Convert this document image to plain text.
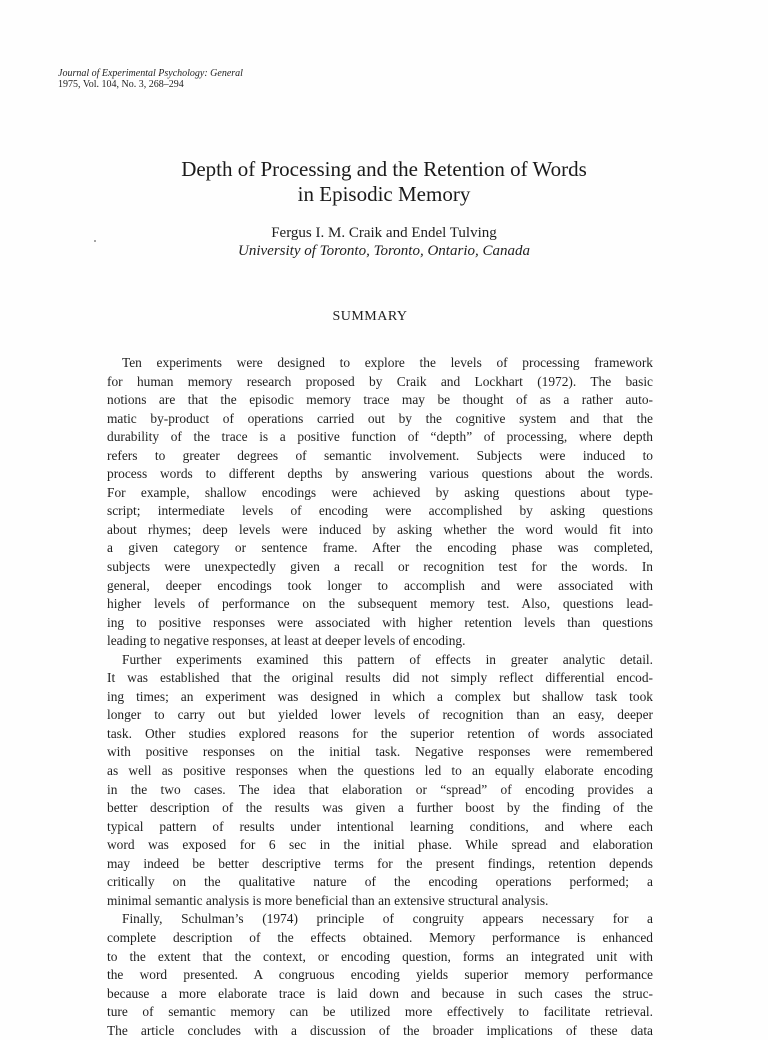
Journal of Experimental Psychology: General
1975, Vol. 104, No. 3, 268–294
Depth of Processing and the Retention of Words
in Episodic Memory
Fergus I. M. Craik and Endel Tulving
University of Toronto, Toronto, Ontario, Canada
SUMMARY
Ten experiments were designed to explore the levels of processing framework
for human memory research proposed by Craik and Lockhart (1972). The basic
notions are that the episodic memory trace may be thought of as a rather auto-
matic by-product of operations carried out by the cognitive system and that the
durability of the trace is a positive function of “depth” of processing, where depth
refers to greater degrees of semantic involvement. Subjects were induced to
process words to different depths by answering various questions about the words.
For example, shallow encodings were achieved by asking questions about type-
script; intermediate levels of encoding were accomplished by asking questions
about rhymes; deep levels were induced by asking whether the word would fit into
a given category or sentence frame. After the encoding phase was completed,
subjects were unexpectedly given a recall or recognition test for the words. In
general, deeper encodings took longer to accomplish and were associated with
higher levels of performance on the subsequent memory test. Also, questions lead-
ing to positive responses were associated with higher retention levels than questions
leading to negative responses, at least at deeper levels of encoding.
Further experiments examined this pattern of effects in greater analytic detail.
It was established that the original results did not simply reflect differential encod-
ing times; an experiment was designed in which a complex but shallow task took
longer to carry out but yielded lower levels of recognition than an easy, deeper
task. Other studies explored reasons for the superior retention of words associated
with positive responses on the initial task. Negative responses were remembered
as well as positive responses when the questions led to an equally elaborate encoding
in the two cases. The idea that elaboration or “spread” of encoding provides a
better description of the results was given a further boost by the finding of the
typical pattern of results under intentional learning conditions, and where each
word was exposed for 6 sec in the initial phase. While spread and elaboration
may indeed be better descriptive terms for the present findings, retention depends
critically on the qualitative nature of the encoding operations performed; a
minimal semantic analysis is more beneficial than an extensive structural analysis.
Finally, Schulman’s (1974) principle of congruity appears necessary for a
complete description of the effects obtained. Memory performance is enhanced
to the extent that the context, or encoding question, forms an integrated unit with
the word presented. A congruous encoding yields superior memory performance
because a more elaborate trace is laid down and because in such cases the struc-
ture of semantic memory can be utilized more effectively to facilitate retrieval.
The article concludes with a discussion of the broader implications of these data
